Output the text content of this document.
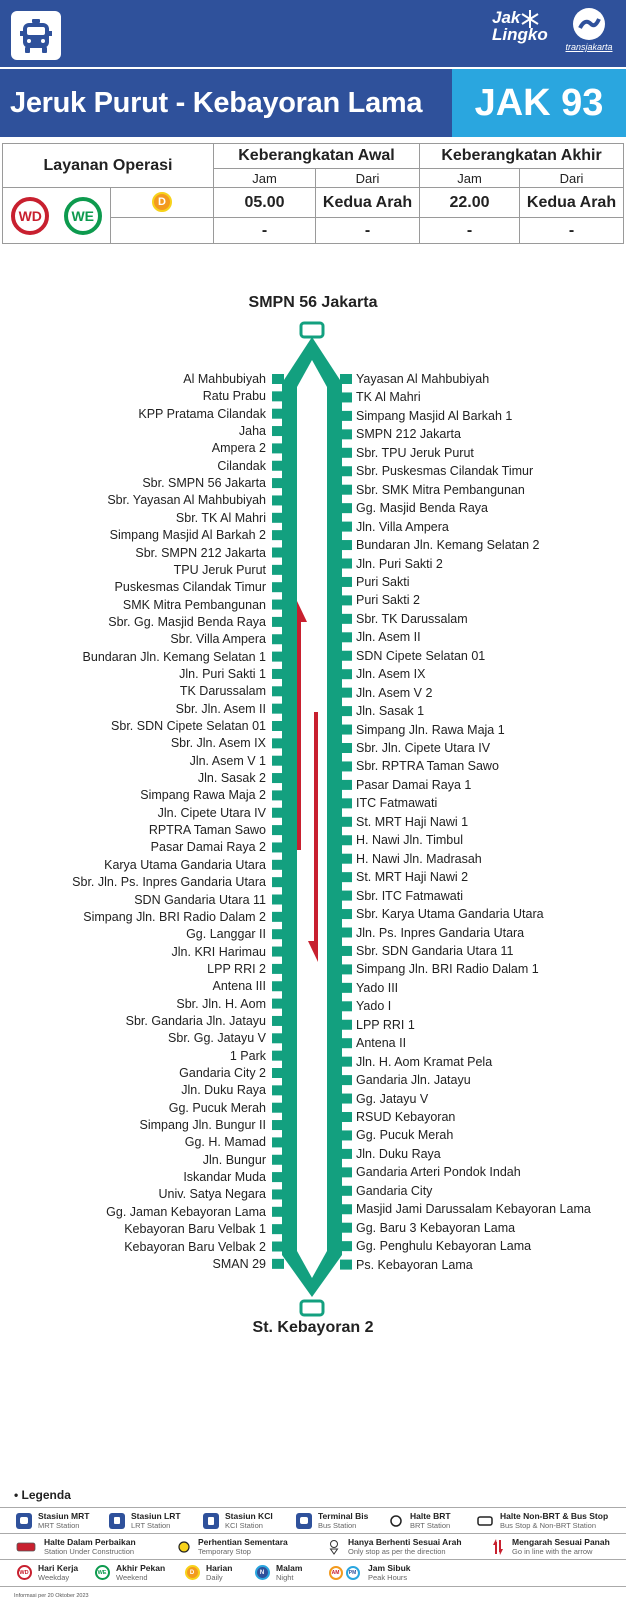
Jak
Lingko
transjakarta
Jeruk Purut - Kebayoran Lama	JAK 93
Layanan Operasi		Keberangkatan Awal		Keberangkatan Akhir	
		Jam	Dari	Jam	Dari
WD WE	D	05.00	Kedua Arah	22.00	Kedua Arah
		-	-	-	-
SMPN 56 Jakarta
St. Kebayoran 2
Al Mahbubiyah
Ratu Prabu
KPP Pratama Cilandak
Jaha
Ampera 2
Cilandak
Sbr. SMPN 56 Jakarta
Sbr. Yayasan Al Mahbubiyah
Sbr. TK Al Mahri
Simpang Masjid Al Barkah 2
Sbr. SMPN 212 Jakarta
TPU Jeruk Purut
Puskesmas Cilandak Timur
SMK Mitra Pembangunan
Sbr. Gg. Masjid Benda Raya
Sbr. Villa Ampera
Bundaran Jln. Kemang Selatan 1
Jln. Puri Sakti 1
TK Darussalam
Sbr. Jln. Asem II
Sbr. SDN Cipete Selatan 01
Sbr. Jln. Asem IX
Jln. Asem V 1
Jln. Sasak 2
Simpang Rawa Maja 2
Jln. Cipete Utara IV
RPTRA Taman Sawo
Pasar Damai Raya 2
Karya Utama Gandaria Utara
Sbr. Jln. Ps. Inpres Gandaria Utara
SDN Gandaria Utara 11
Simpang Jln. BRI Radio Dalam 2
Gg. Langgar II
Jln. KRI Harimau
LPP RRI 2
Antena III
Sbr. Jln. H. Aom
Sbr. Gandaria Jln. Jatayu
Sbr. Gg. Jatayu V
1 Park
Gandaria City 2
Jln. Duku Raya
Gg. Pucuk Merah
Simpang Jln. Bungur II
Gg. H. Mamad
Jln. Bungur
Iskandar Muda
Univ. Satya Negara
Gg. Jaman Kebayoran Lama
Kebayoran Baru Velbak 1
Kebayoran Baru Velbak 2
SMAN 29
Yayasan Al Mahbubiyah
TK Al Mahri
Simpang Masjid Al Barkah 1
SMPN 212 Jakarta
Sbr. TPU Jeruk Purut
Sbr. Puskesmas Cilandak Timur
Sbr. SMK Mitra Pembangunan
Gg. Masjid Benda Raya
Jln. Villa Ampera
Bundaran Jln. Kemang Selatan 2
Jln. Puri Sakti 2
Puri Sakti
Puri Sakti 2
Sbr. TK Darussalam
Jln. Asem II
SDN Cipete Selatan 01
Jln. Asem IX
Jln. Asem V 2
Jln. Sasak 1
Simpang Jln. Rawa Maja 1
Sbr. Jln. Cipete Utara IV
Sbr. RPTRA Taman Sawo
Pasar Damai Raya 1
ITC Fatmawati
St. MRT Haji Nawi 1
H. Nawi Jln. Timbul
H. Nawi Jln. Madrasah
St. MRT Haji Nawi 2
Sbr. ITC Fatmawati
Sbr. Karya Utama Gandaria Utara
Jln. Ps. Inpres Gandaria Utara
Sbr. SDN Gandaria Utara 11
Simpang Jln. BRI Radio Dalam 1
Yado III
Yado I
LPP RRI 1
Antena II
Jln. H. Aom Kramat Pela
Gandaria Jln. Jatayu
Gg. Jatayu V
RSUD Kebayoran
Gg. Pucuk Merah
Jln. Duku Raya
Gandaria Arteri Pondok Indah
Gandaria City
Masjid Jami Darussalam Kebayoran Lama
Gg. Baru 3 Kebayoran Lama
Gg. Penghulu Kebayoran Lama
Ps. Kebayoran Lama
• Legenda
Stasiun MRT
MRT Station
Stasiun LRT
LRT Station
Stasiun KCI
KCI Station
Terminal Bis
Bus Station
Halte BRT
BRT Station
Halte Non-BRT & Bus Stop
Bus Stop & Non-BRT Station
Halte Dalam Perbaikan
Station Under Construction
Perhentian Sementara
Temporary Stop
Hanya Berhenti Sesuai Arah
Only stop as per the direction
Mengarah Sesuai Panah
Go in line with the arrow
WD	Hari Kerja
Weekday
WE	Akhir Pekan
Weekend
D	Harian
Daily
N	Malam
Night
AM	PM	Jam Sibuk
Peak Hours
Informasi per 20 Oktober 2023
